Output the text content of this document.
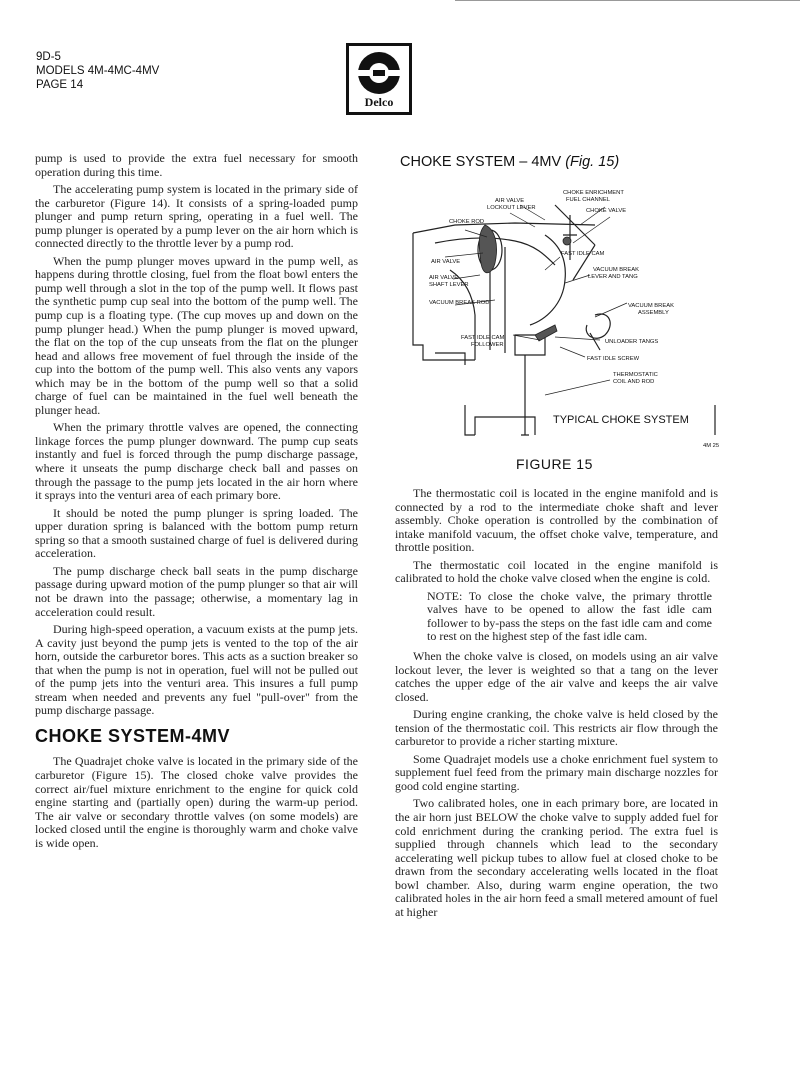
9D-5
MODELS 4M-4MC-4MV
PAGE 14
Delco

pump is used to provide the extra fuel necessary for smooth operation during this time.

The accelerating pump system is located in the primary side of the carburetor (Figure 14). It consists of a spring-loaded pump plunger and pump return spring, operating in a fuel well. The pump plunger is operated by a pump lever on the air horn which is connected directly to the throttle lever by a pump rod.

When the pump plunger moves upward in the pump well, as happens during throttle closing, fuel from the float bowl enters the pump well through a slot in the top of the pump well. It flows past the synthetic pump cup seal into the bottom of the pump well. The pump cup is a floating type. (The cup moves up and down on the pump plunger head.) When the pump plunger is moved upward, the flat on the top of the cup unseats from the flat on the plunger head and allows free movement of fuel through the inside of the cup into the bottom of the pump well. This also vents any vapors which may be in the bottom of the pump well so that a solid charge of fuel can be maintained in the fuel well beneath the plunger head.

When the primary throttle valves are opened, the connecting linkage forces the pump plunger downward. The pump cup seats instantly and fuel is forced through the pump discharge passage, where it unseats the pump discharge check ball and passes on through the passage to the pump jets located in the air horn where it sprays into the venturi area of each primary bore.

It should be noted the pump plunger is spring loaded. The upper duration spring is balanced with the bottom pump return spring so that a smooth sustained charge of fuel is delivered during acceleration.

The pump discharge check ball seats in the pump discharge passage during upward motion of the pump plunger so that air will not be drawn into the passage; otherwise, a momentary lag in acceleration could result.

During high-speed operation, a vacuum exists at the pump jets. A cavity just beyond the pump jets is vented to the top of the air horn, outside the carburetor bores. This acts as a suction breaker so that when the pump is not in operation, fuel will not be pulled out of the pump jets into the venturi area. This insures a full pump stream when needed and prevents any fuel "pull-over" from the pump discharge passage.

CHOKE SYSTEM-4MV

The Quadrajet choke valve is located in the primary side of the carburetor (Figure 15). The closed choke valve provides the correct air/fuel mixture enrichment to the engine for quick cold engine starting and (partially open) during the warm-up period. The air valve or secondary throttle valves (on some models) are locked closed until the engine is thoroughly warm and choke valve is wide open.

CHOKE SYSTEM – 4MV (Fig. 15)
CHOKE ENRICHMENT
FUEL CHANNEL
CHOKE VALVE
AIR VALVE
LOCKOUT LEVER
CHOKE ROD
AIR VALVE
FAST IDLE CAM
AIR VALVE
SHAFT LEVER
VACUUM BREAK
LEVER AND TANG
VACUUM BREAK ROD	VACUUM BREAK
ASSEMBLY
FAST IDLE CAM
FOLLOWER	UNLOADER TANGS
FAST IDLE SCREW
THERMOSTATIC
COIL AND ROD
TYPICAL CHOKE SYSTEM
4M 25
FIGURE 15

The thermostatic coil is located in the engine manifold and is connected by a rod to the intermediate choke shaft and lever assembly. Choke operation is controlled by the combination of intake manifold vacuum, the offset choke valve, temperature, and throttle position.

The thermostatic coil located in the engine manifold is calibrated to hold the choke valve closed when the engine is cold.

NOTE: To close the choke valve, the primary throttle valves have to be opened to allow the fast idle cam follower to by-pass the steps on the fast idle cam and come to rest on the highest step of the fast idle cam.

When the choke valve is closed, on models using an air valve lockout lever, the lever is weighted so that a tang on the lever catches the upper edge of the air valve and keeps the air valve closed.

During engine cranking, the choke valve is held closed by the tension of the thermostatic coil. This restricts air flow through the carburetor to provide a richer starting mixture.

Some Quadrajet models use a choke enrichment fuel system to supplement fuel feed from the primary main discharge nozzles for good cold engine starting.

Two calibrated holes, one in each primary bore, are located in the air horn just BELOW the choke valve to supply added fuel for cold enrichment during the cranking period. The extra fuel is supplied through channels which lead to the secondary accelerating well pickup tubes to allow fuel at closed choke to be drawn from the secondary accelerating wells located in the float bowl chamber. Also, during warm engine operation, the two calibrated holes in the air horn feed a small metered amount of fuel at higher
